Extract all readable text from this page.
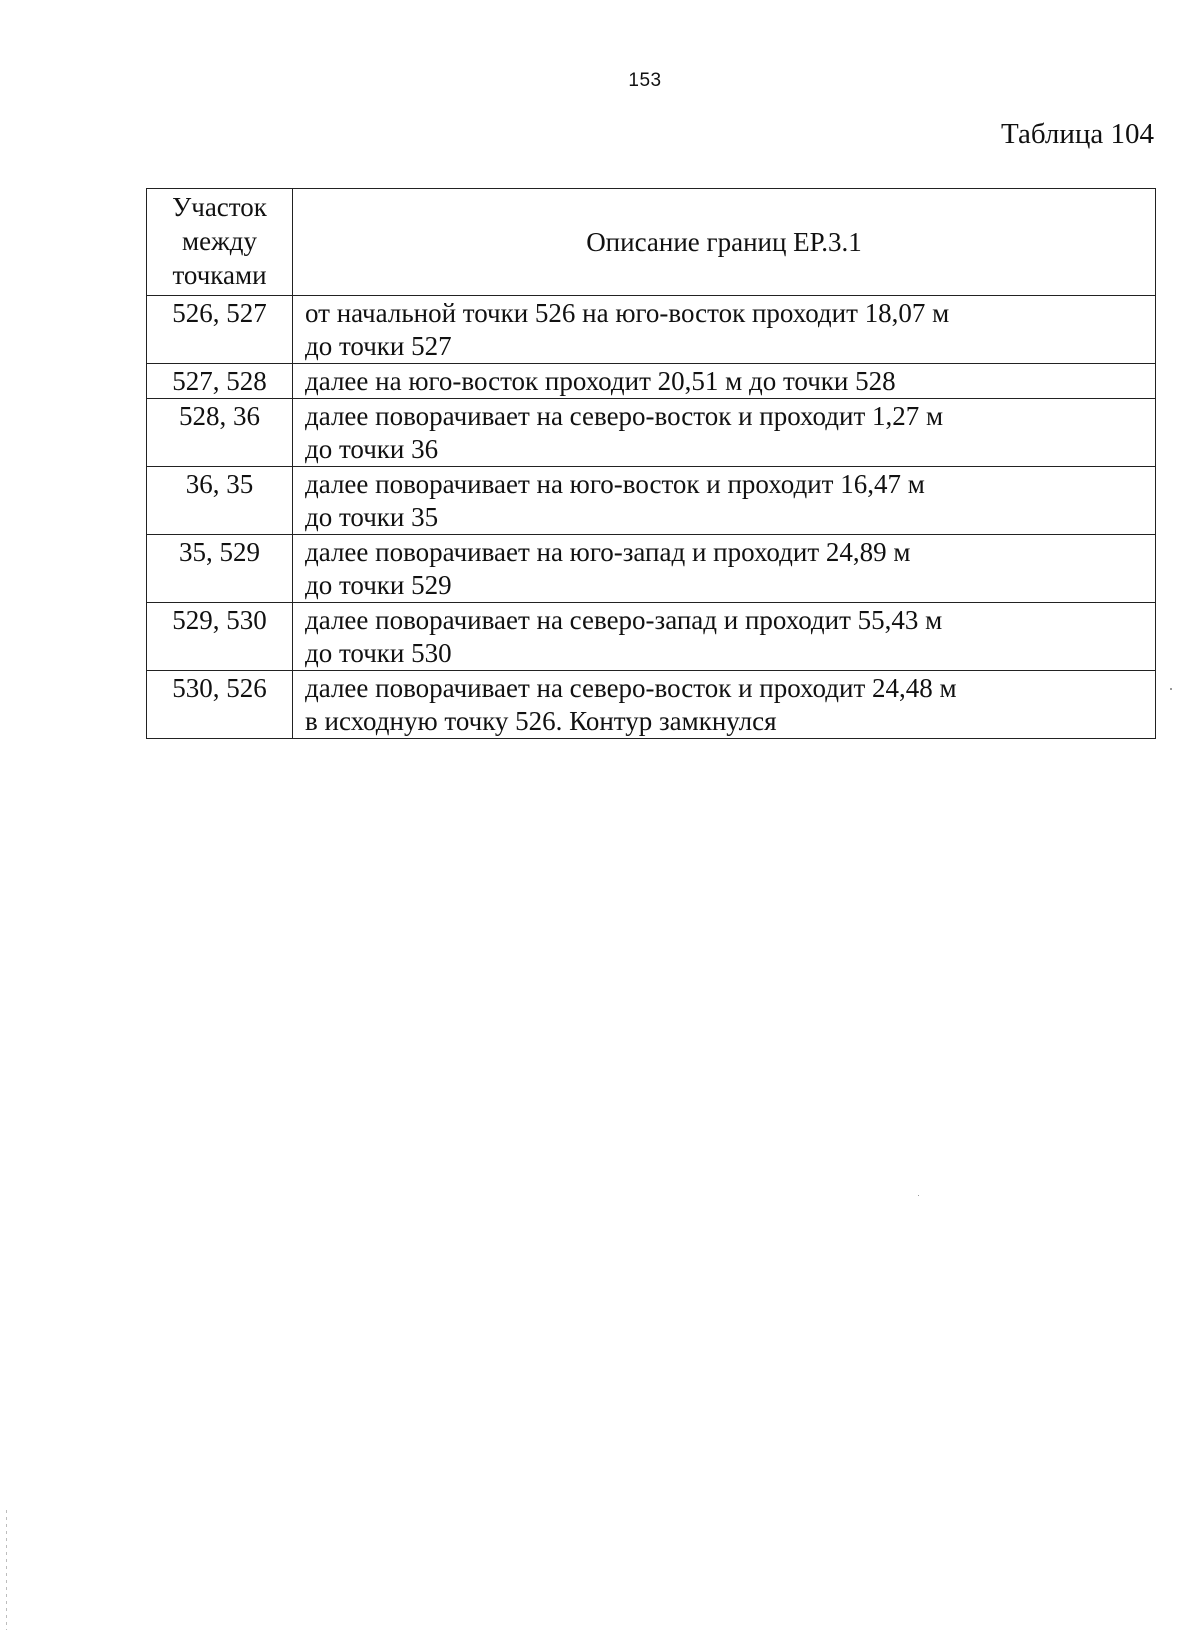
153
Таблица 104
Участок
между
точками	Описание границ ЕР.3.1
526, 527	от начальной точки 526 на юго-восток проходит 18,07 м
до точки 527
527, 528	далее на юго-восток проходит 20,51 м до точки 528
528, 36	далее поворачивает на северо-восток и проходит 1,27 м
до точки 36
36, 35	далее поворачивает на юго-восток и проходит 16,47 м
до точки 35
35, 529	далее поворачивает на юго-запад и проходит 24,89 м
до точки 529
529, 530	далее поворачивает на северо-запад и проходит 55,43 м
до точки 530
530, 526	далее поворачивает на северо-восток и проходит 24,48 м
в исходную точку 526. Контур замкнулся
